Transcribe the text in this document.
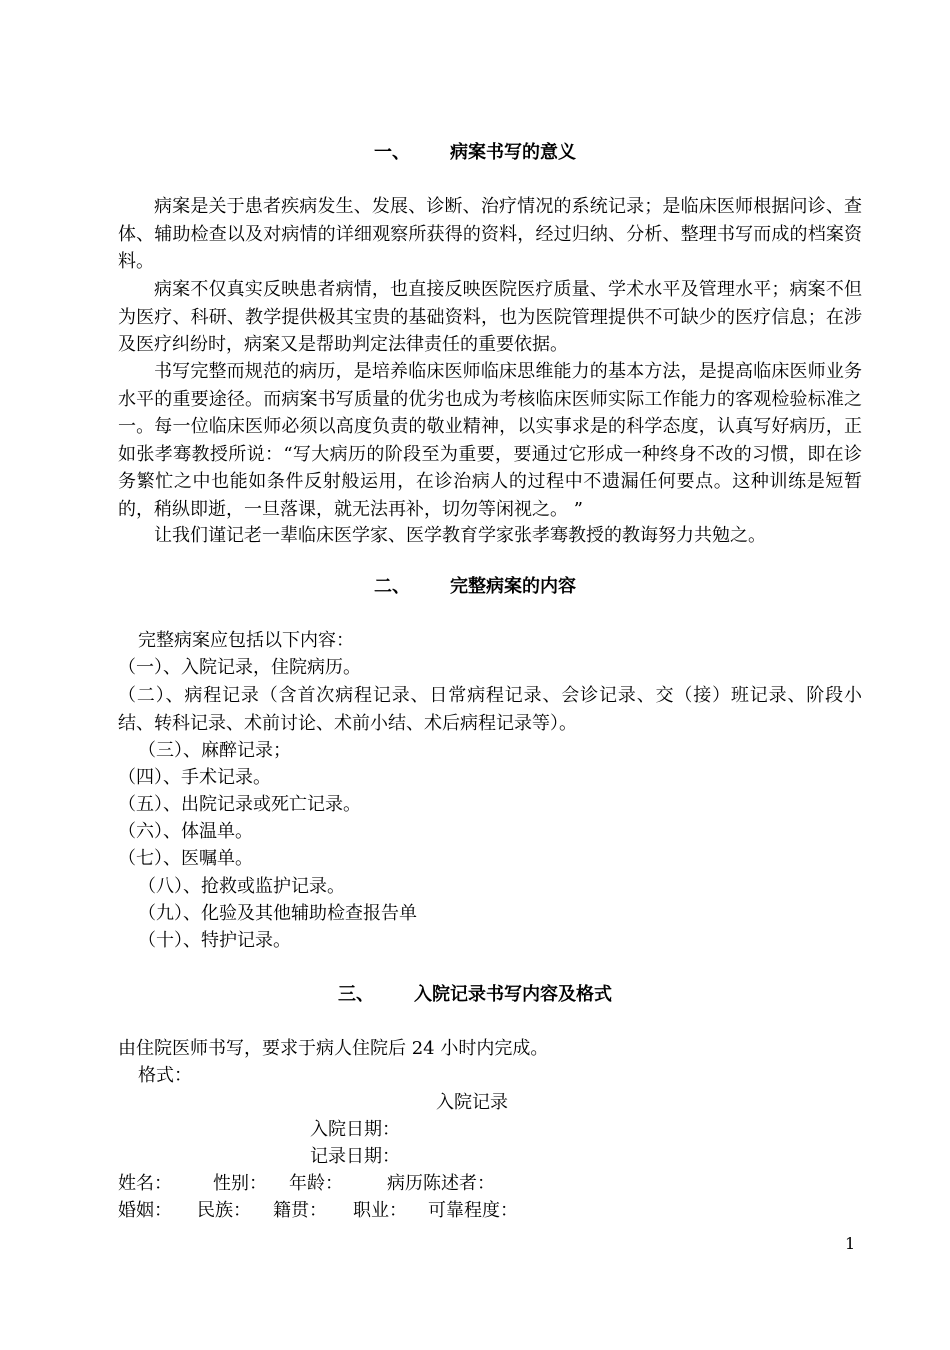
一、 病案书写的意义
病案是关于患者疾病发生、发展、诊断、治疗情况的系统记录；是临床医师根据问诊、查体、辅助检查以及对病情的详细观察所获得的资料，经过归纳、分析、整理书写而成的档案资料。
病案不仅真实反映患者病情，也直接反映医院医疗质量、学术水平及管理水平；病案不但为医疗、科研、教学提供极其宝贵的基础资料，也为医院管理提供不可缺少的医疗信息；在涉及医疗纠纷时，病案又是帮助判定法律责任的重要依据。
书写完整而规范的病历，是培养临床医师临床思维能力的基本方法，是提高临床医师业务水平的重要途径。而病案书写质量的优劣也成为考核临床医师实际工作能力的客观检验标准之一。每一位临床医师必须以高度负责的敬业精神，以实事求是的科学态度，认真写好病历，正如张孝骞教授所说：“写大病历的阶段至为重要，要通过它形成一种终身不改的习惯，即在诊务繁忙之中也能如条件反射般运用，在诊治病人的过程中不遗漏任何要点。这种训练是短暂的，稍纵即逝，一旦落课，就无法再补，切勿等闲视之。 ”
让我们谨记老一辈临床医学家、医学教育学家张孝骞教授的教诲努力共勉之。
二、 完整病案的内容
完整病案应包括以下内容：
（一）、入院记录，住院病历。
（二）、病程记录（含首次病程记录、日常病程记录、会诊记录、交（接）班记录、阶段小结、转科记录、术前讨论、术前小结、术后病程记录等）。
（三）、麻醉记录；
（四）、手术记录。
（五）、出院记录或死亡记录。
（六）、体温单。
（七）、医嘱单。
（八）、抢救或监护记录。
（九）、化验及其他辅助检查报告单
（十）、特护记录。
三、 入院记录书写内容及格式
由住院医师书写，要求于病人住院后 24 小时内完成。
格式：
入院记录
入院日期：
记录日期：
姓名： 性别： 年龄： 病历陈述者：
婚姻： 民族： 籍贯： 职业： 可靠程度：
1
